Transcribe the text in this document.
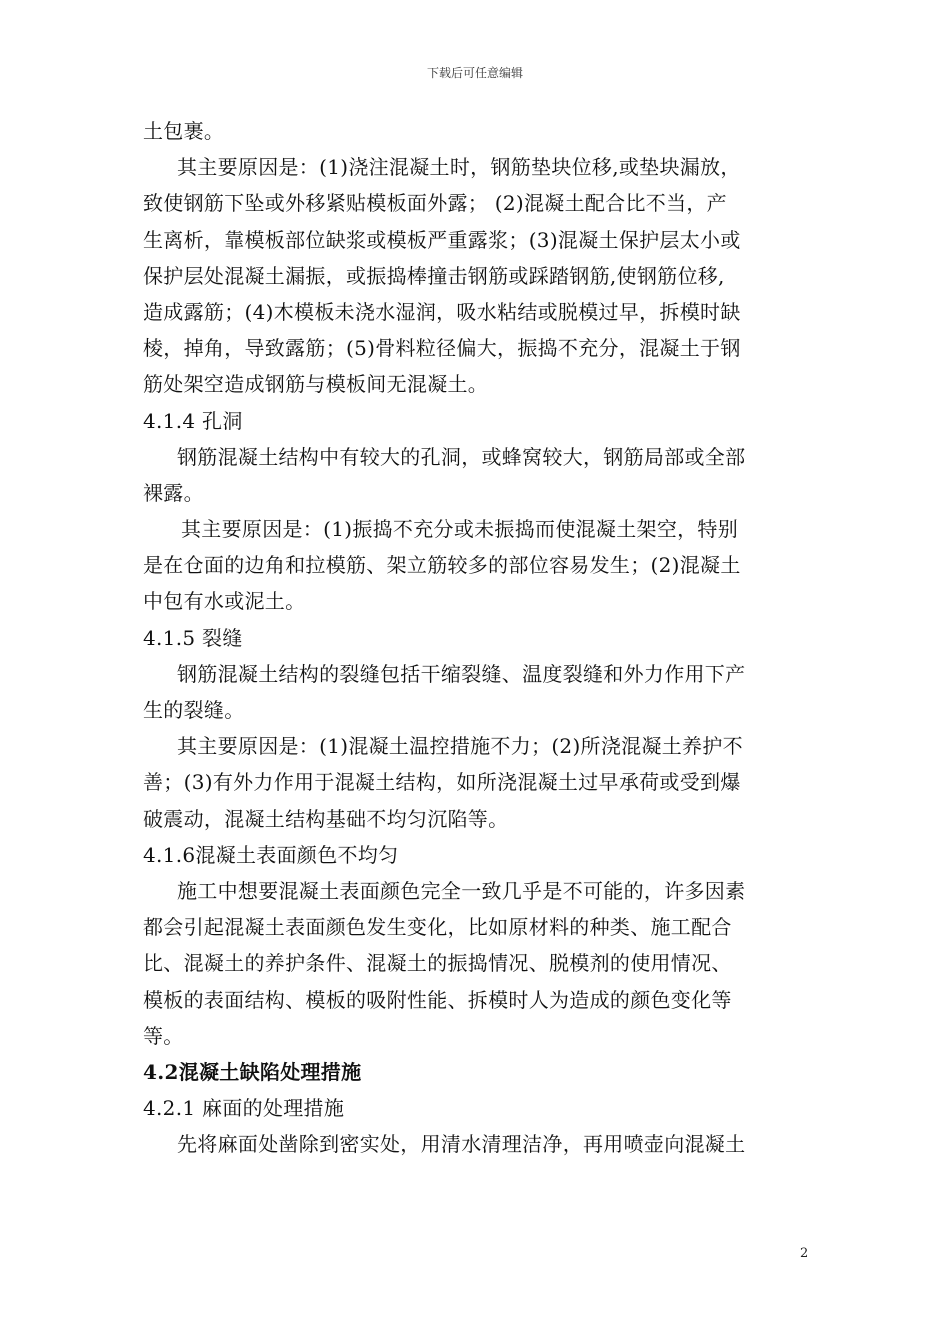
下载后可任意编辑
土包裹。
其主要原因是：(1)浇注混凝土时，钢筋垫块位移,或垫块漏放，
致使钢筋下坠或外移紧贴模板面外露； (2)混凝土配合比不当，产
生离析，靠模板部位缺浆或模板严重露浆；(3)混凝土保护层太小或
保护层处混凝土漏振，或振捣棒撞击钢筋或踩踏钢筋,使钢筋位移,
造成露筋；(4)木模板未浇水湿润，吸水粘结或脱模过早，拆模时缺
棱，掉角，导致露筋；(5)骨料粒径偏大，振捣不充分，混凝土于钢
筋处架空造成钢筋与模板间无混凝土。
4.1.4 孔洞
钢筋混凝土结构中有较大的孔洞，或蜂窝较大，钢筋局部或全部
裸露。
其主要原因是：(1)振捣不充分或未振捣而使混凝土架空，特别
是在仓面的边角和拉模筋、架立筋较多的部位容易发生；(2)混凝土
中包有水或泥土。
4.1.5 裂缝
钢筋混凝土结构的裂缝包括干缩裂缝、温度裂缝和外力作用下产
生的裂缝。
其主要原因是：(1)混凝土温控措施不力；(2)所浇混凝土养护不
善；(3)有外力作用于混凝土结构，如所浇混凝土过早承荷或受到爆
破震动，混凝土结构基础不均匀沉陷等。
4.1.6混凝土表面颜色不均匀
施工中想要混凝土表面颜色完全一致几乎是不可能的，许多因素
都会引起混凝土表面颜色发生变化，比如原材料的种类、施工配合
比、混凝土的养护条件、混凝土的振捣情况、脱模剂的使用情况、
模板的表面结构、模板的吸附性能、拆模时人为造成的颜色变化等
等。
4.2混凝土缺陷处理措施
4.2.1 麻面的处理措施
先将麻面处凿除到密实处，用清水清理洁净，再用喷壶向混凝土
2
